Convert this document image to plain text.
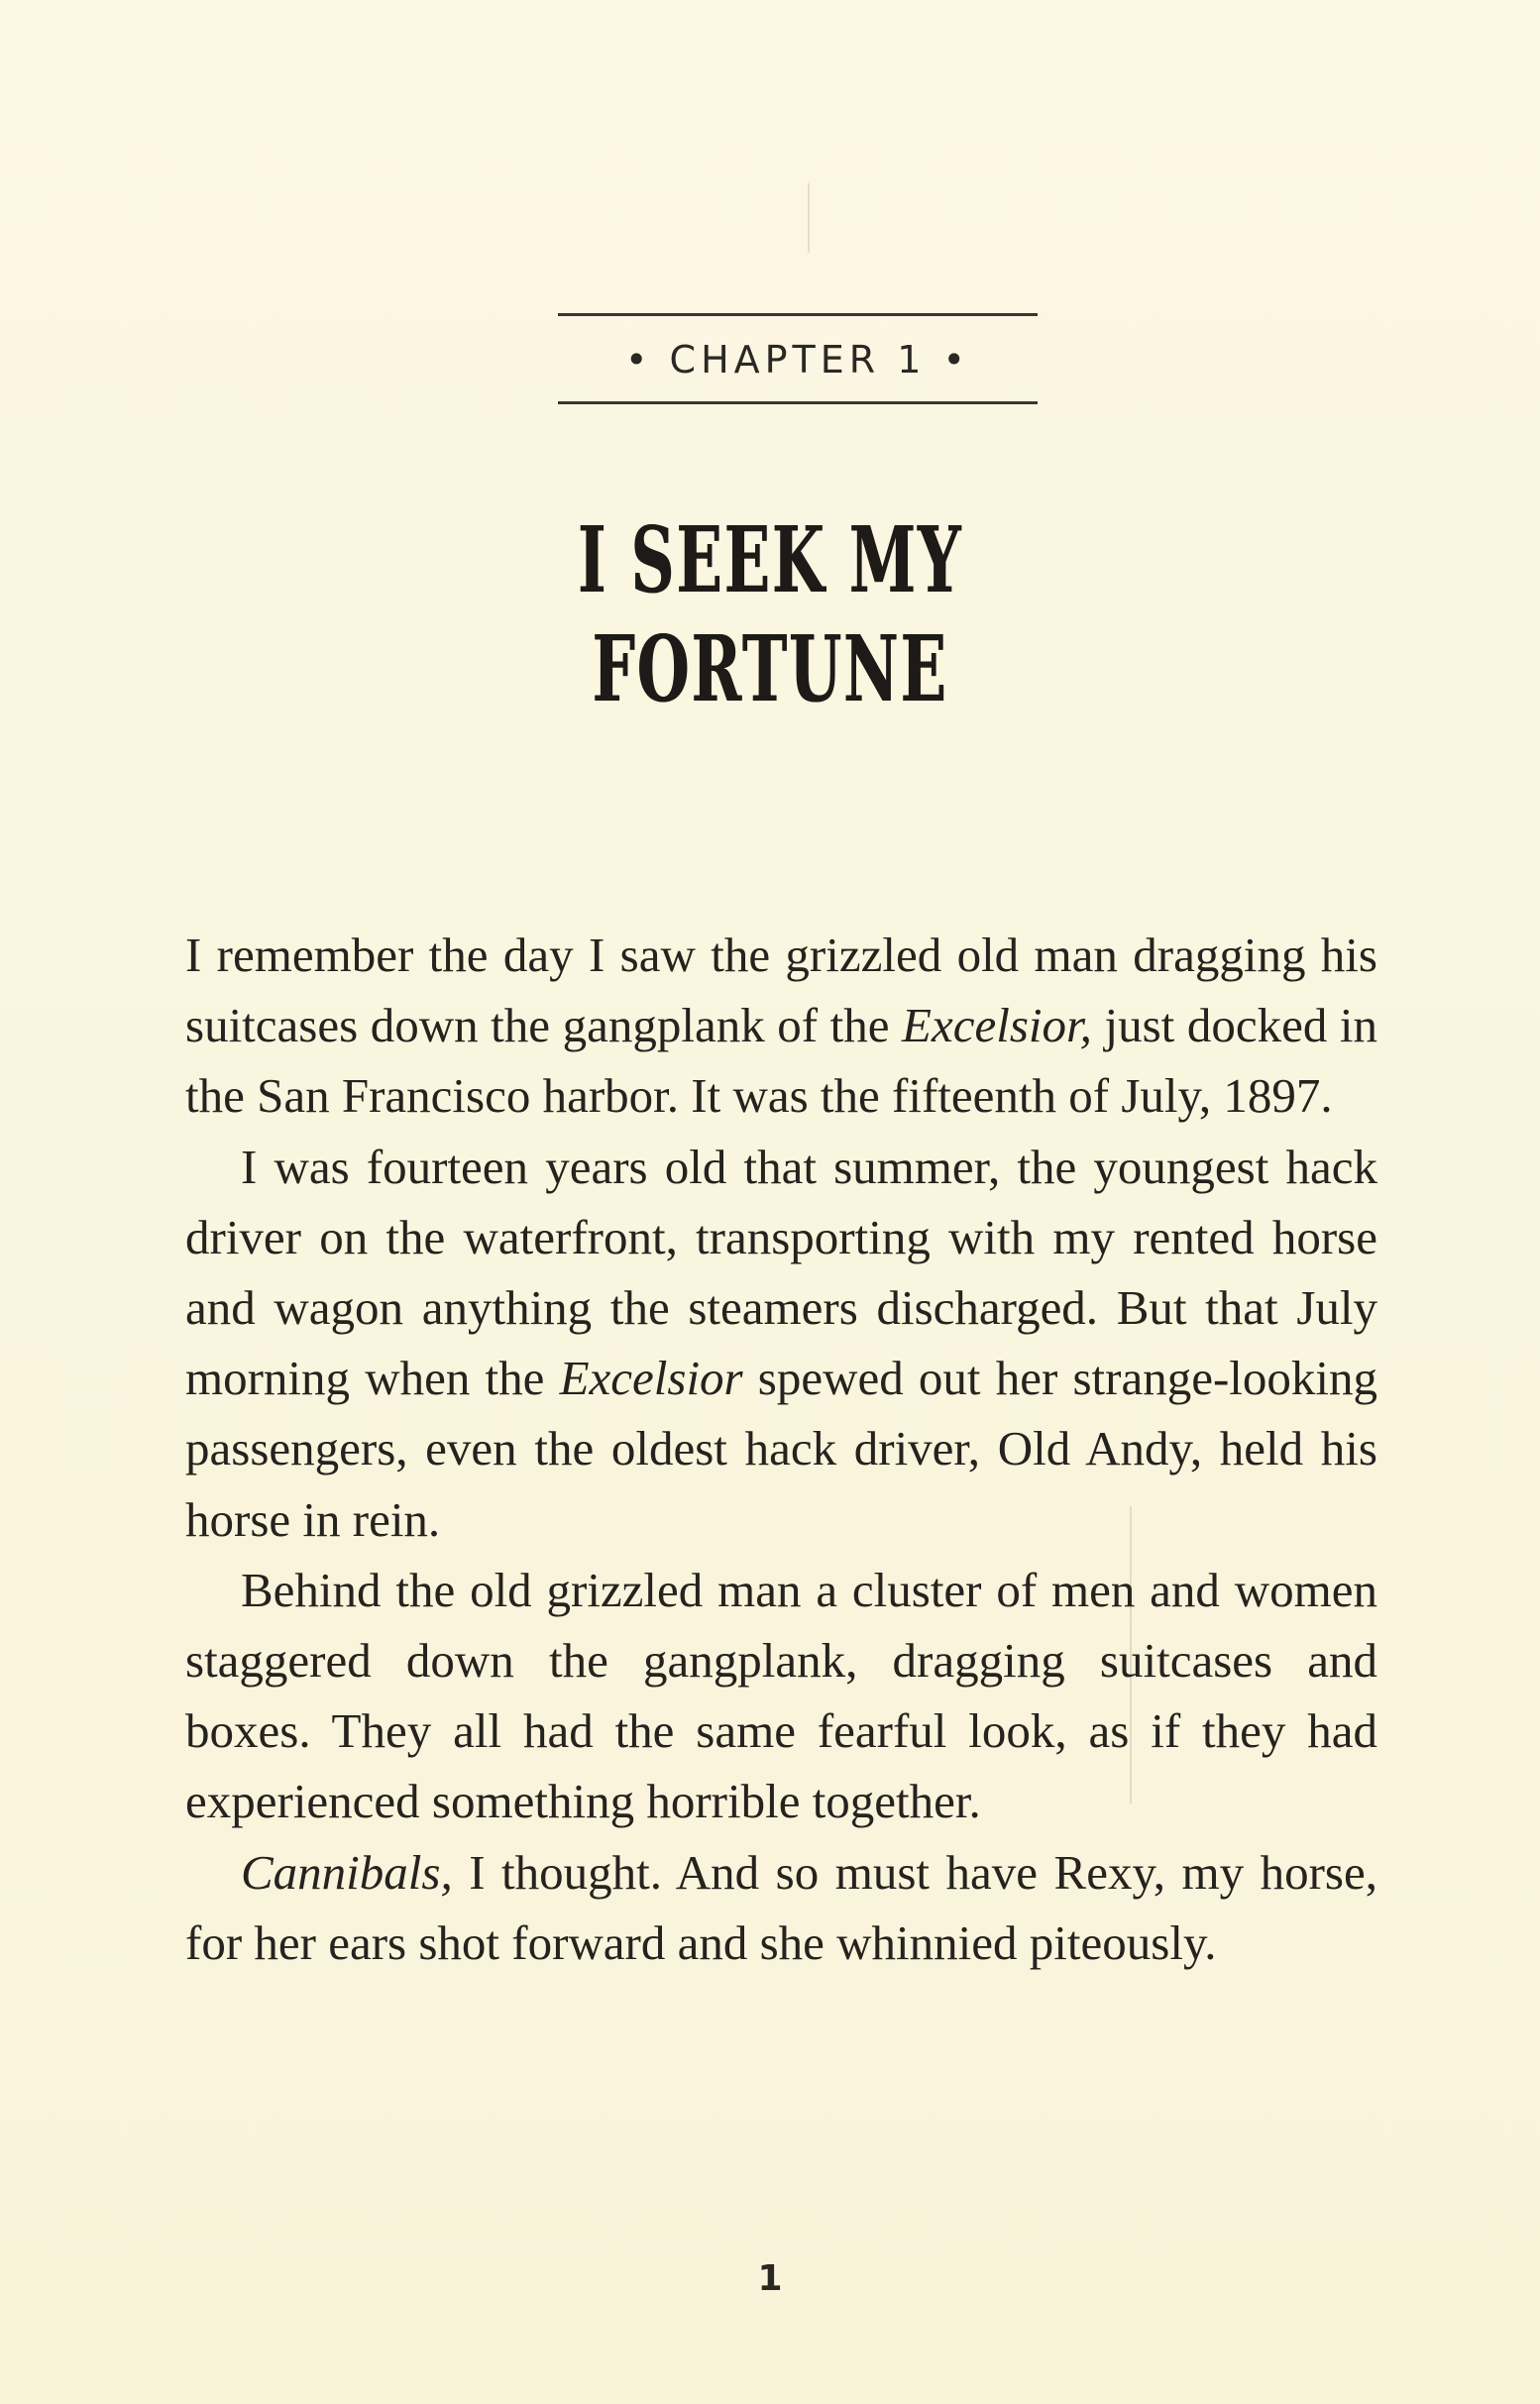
• CHAPTER 1 •
I SEEK MY FORTUNE

I remember the day I saw the grizzled old man dragging his suitcases down the gangplank of the Excelsior, just docked in the San Francisco harbor. It was the fifteenth of July, 1897.

I was fourteen years old that summer, the youngest hack driver on the waterfront, transporting with my rented horse and wagon anything the steamers discharged. But that July morning when the Excelsior spewed out her strange-looking passengers, even the oldest hack driver, Old Andy, held his horse in rein.

Behind the old grizzled man a cluster of men and women staggered down the gangplank, dragging suitcases and boxes. They all had the same fearful look, as if they had experienced something horrible together.

Cannibals, I thought. And so must have Rexy, my horse, for her ears shot forward and she whinnied piteously.

1
